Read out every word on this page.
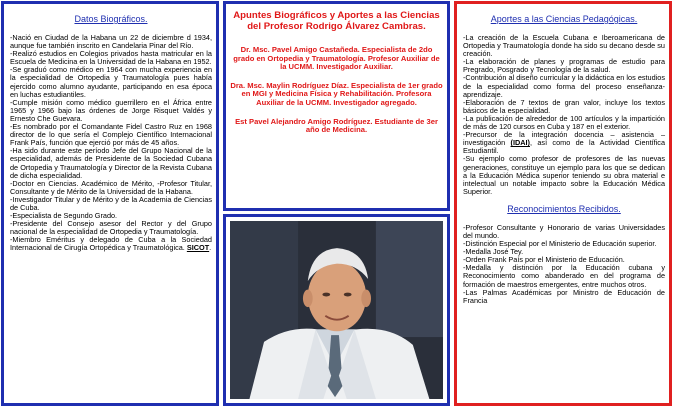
Datos Biográficos.

-Nació en Ciudad de la Habana un 22 de diciembre d 1934, aunque fue también inscrito en Candelaria Pinar del Río.

-Realizó estudios en Colegios privados hasta matricular en la Escuela de Medicina en la Universidad de la Habana en 1952.

-Se graduó como médico en 1964 con mucha experiencia en la especialidad de Ortopedia y Traumatología pues había ejercido como alumno ayudante, participando en esa época en luchas estudiantiles.

-Cumple misión como médico guerrillero en el África entre 1965 y 1966 bajo las órdenes de Jorge Risquet Valdés y Ernesto Che Guevara.

-Es nombrado por el Comandante Fidel Castro Ruz en 1968 director de lo que sería el Complejo Científico Internacional Frank País, función que ejerció por más de 45 años.

-Ha sido durante este período Jefe del Grupo Nacional de la especialidad, además de Presidente de la Sociedad Cubana de Ortopedia y Traumatología y Director de la Revista Cubana de dicha especialidad.

-Doctor en Ciencias. Académico de Mérito, -Profesor Titular, Consultante y de Mérito de la Universidad de la Habana.

-Investigador Titular y de Mérito y de la Academia de Ciencias de Cuba.

-Especialista de Segundo Grado.

-Presidente del Consejo asesor del Rector y del Grupo nacional de la especialidad de Ortopedia y Traumatología.

-Miembro Eméritus y delegado de Cuba a la Sociedad Internacional de Cirugía Ortopédica y Traumatológica. SICOT.

Apuntes Biográficos y Aportes a las Ciencias del Profesor Rodrigo Álvarez Cambras.
Dr. Msc. Pavel Amigo Castañeda. Especialista de 2do grado en Ortopedia y Traumatología. Profesor Auxiliar de la UCMM. Investigador Auxiliar.
Dra. Msc. Maylin Rodríguez Díaz. Especialista de 1er grado en MGI y Medicina Física y Rehabilitación. Profesora Auxiliar de la UCMM. Investigador agregado.
Est Pavel Alejandro Amigo Rodríguez. Estudiante de 3er año de Medicina.
Aportes a las Ciencias Pedagógicas.

-La creación de la Escuela Cubana e Iberoamericana de Ortopedia y Traumatología donde ha sido su decano desde su creación.

-La elaboración de planes y programas de estudio para Pregrado, Posgrado y Tecnología de la salud.

-Contribución al diseño curricular y la didáctica en los estudios de la especialidad como forma del proceso enseñanza- aprendizaje.

-Elaboración de 7 textos de gran valor, incluye los textos básicos de la especialidad.

-La publicación de alrededor de 100 artículos y la impartición de más de 120 cursos en Cuba y 187 en el exterior.

-Precursor de la integración docencia – asistencia – investigación (IDAI), así como de la Actividad Científica Estudiantil.

-Su ejemplo como profesor de profesores de las nuevas generaciones, constituye un ejemplo para los que se dedican a la Educación Médica superior teniendo su obra material e intelectual un notable impacto sobre la Educación Médica Superior.

Reconocimientos Recibidos.

-Profesor Consultante y Honorario de varias Universidades del mundo.

-Distinción Especial por el Ministerio de Educación superior.

-Medalla José Tey.

-Orden Frank País por el Ministerio de Educación.

-Medalla y distinción por la Educación cubana y Reconocimiento como abanderado en del programa de formación de maestros emergentes, entre muchos otros.

-Las Palmas Académicas por Ministro de Educación de Francia
